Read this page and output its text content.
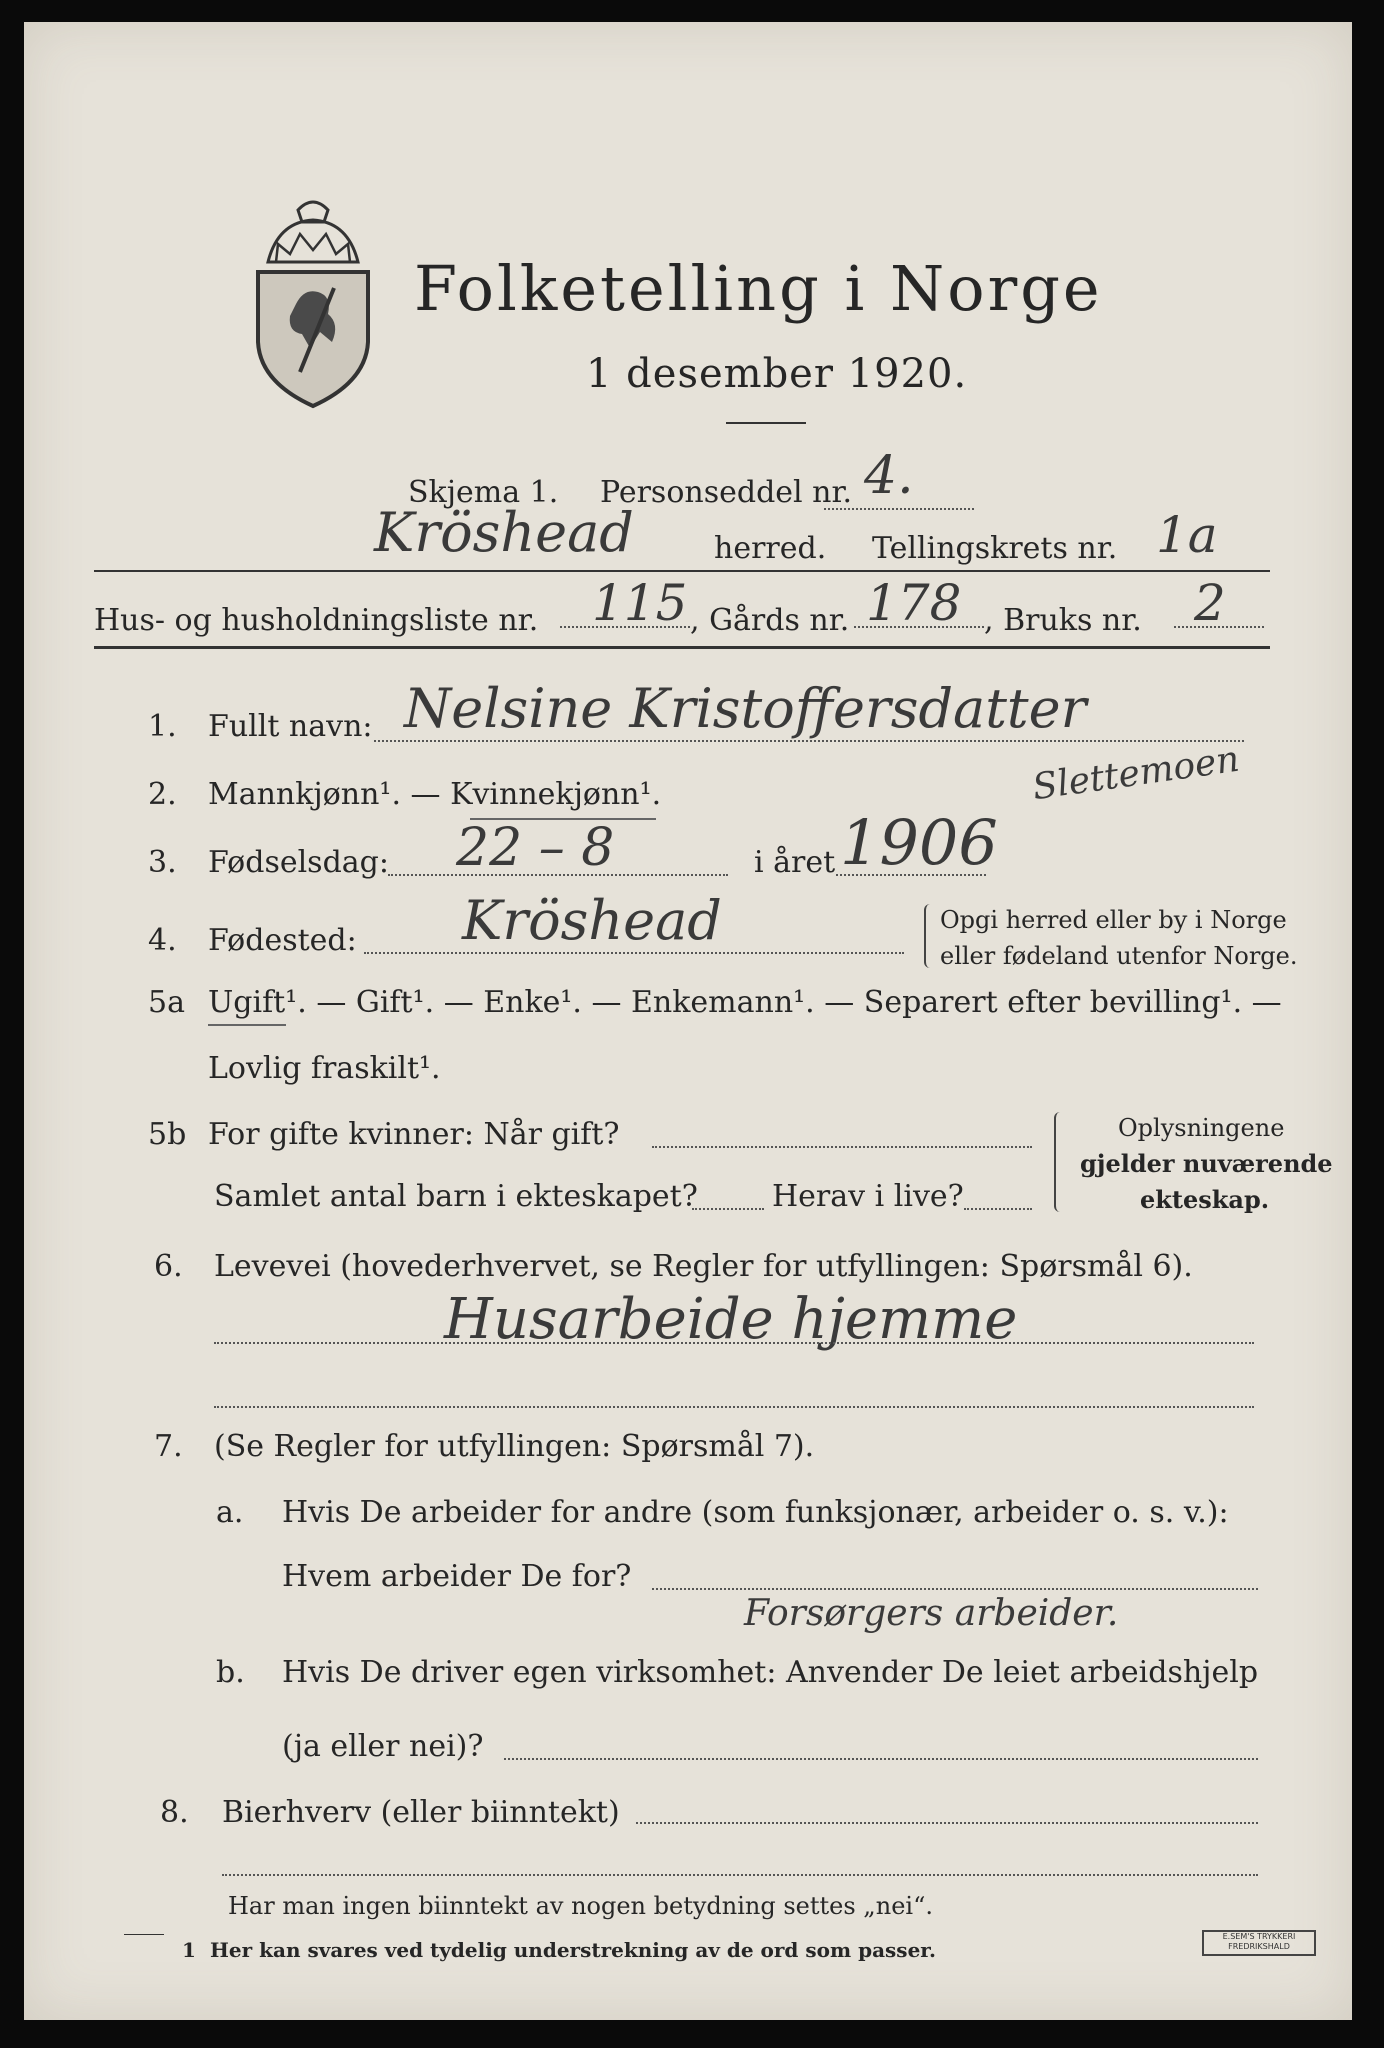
Folketelling i Norge
1 desember 1920.
Skjema 1. Personseddel nr. 4.
Kröshead	herred. Tellingskrets nr. 1a
Hus- og husholdningsliste nr. 115 , Gårds nr. 178 , Bruks nr. 2
1. Fullt navn: Nelsine Kristoffersdatter
Slettemoen
2. Mannkjønn¹. — Kvinnekjønn¹.
3. Fødselsdag: 22 – 8	i året 1906
4. Fødested: Kröshead	Opgi herred eller by i Norge
eller fødeland utenfor Norge.
5a Ugift¹. — Gift¹. — Enke¹. — Enkemann¹. — Separert efter bevilling¹. —
Lovlig fraskilt¹.
5b For gifte kvinner: Når gift?
Samlet antal barn i ekteskapet? Herav i live?
Oplysningene
gjelder nuværende
ekteskap.
6. Levevei (hovederhvervet, se Regler for utfyllingen: Spørsmål 6).
Husarbeide hjemme
7. (Se Regler for utfyllingen: Spørsmål 7).
a. Hvis De arbeider for andre (som funksjonær, arbeider o. s. v.):
Hvem arbeider De for?
Forsørgers arbeider.
b. Hvis De driver egen virksomhet: Anvender De leiet arbeidshjelp
(ja eller nei)?
8. Bierhverv (eller biinntekt)
Har man ingen biinntekt av nogen betydning settes „nei“.
1 Her kan svares ved tydelig understrekning av de ord som passer.
E.SEM'S TRYKKERI
FREDRIKSHALD
